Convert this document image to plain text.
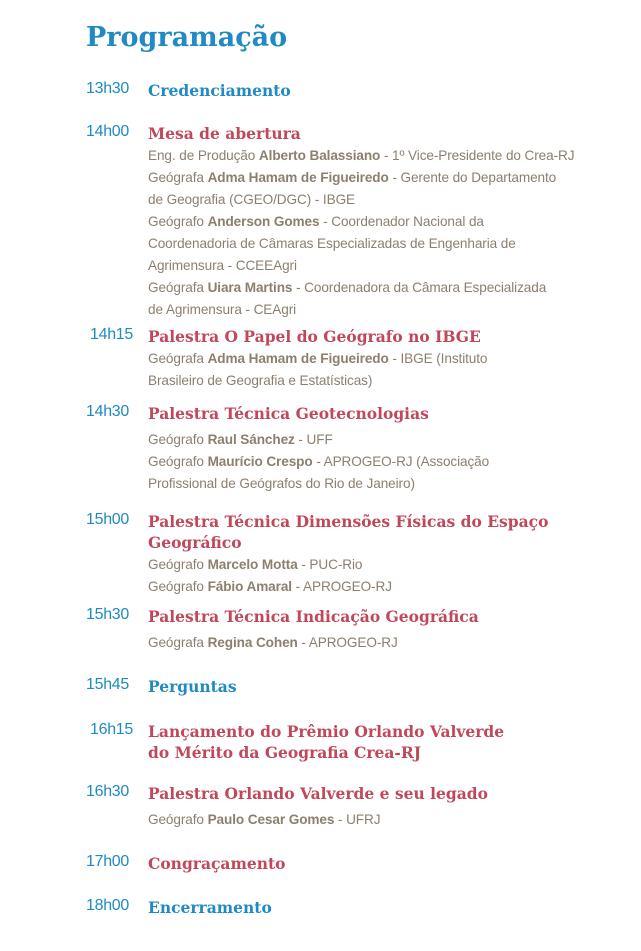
Programação
13h30 Credenciamento
14h00 Mesa de abertura
Eng. de Produção Alberto Balassiano - 1º Vice-Presidente do Crea-RJ
Geógrafa Adma Hamam de Figueiredo - Gerente do Departamento
de Geografia (CGEO/DGC) - IBGE
Geógrafo Anderson Gomes - Coordenador Nacional da
Coordenadoria de Câmaras Especializadas de Engenharia de
Agrimensura - CCEEAgri
Geógrafa Uiara Martins - Coordenadora da Câmara Especializada
de Agrimensura - CEAgri
14h15 Palestra O Papel do Geógrafo no IBGE
Geógrafa Adma Hamam de Figueiredo - IBGE (Instituto
Brasileiro de Geografia e Estatísticas)
14h30 Palestra Técnica Geotecnologias
Geógrafo Raul Sánchez - UFF
Geógrafo Maurício Crespo - APROGEO-RJ (Associação
Profissional de Geógrafos do Rio de Janeiro)
15h00 Palestra Técnica Dimensões Físicas do Espaço
Geográfico
Geógrafo Marcelo Motta - PUC-Rio
Geógrafo Fábio Amaral - APROGEO-RJ
15h30 Palestra Técnica Indicação Geográfica
Geógrafa Regina Cohen - APROGEO-RJ
15h45 Perguntas
16h15 Lançamento do Prêmio Orlando Valverde
do Mérito da Geografia Crea-RJ
16h30 Palestra Orlando Valverde e seu legado
Geógrafo Paulo Cesar Gomes - UFRJ
17h00 Congraçamento
18h00 Encerramento
